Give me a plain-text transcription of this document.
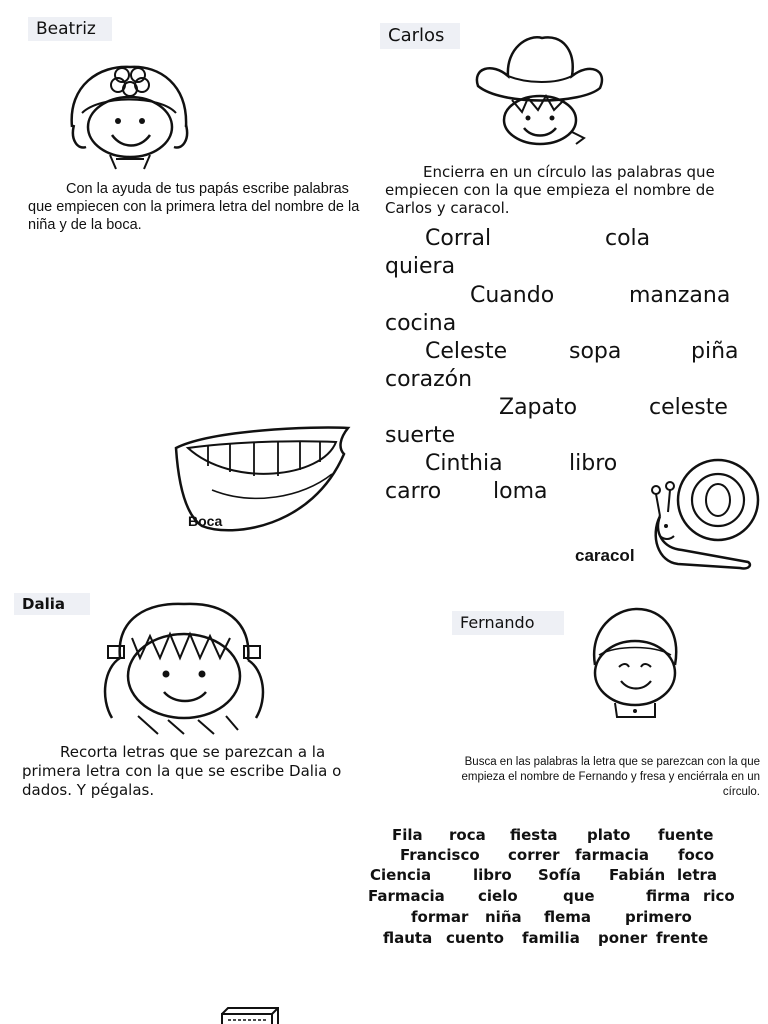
Beatriz
Con la ayuda de tus papás escribe palabras que empiecen con la primera letra del nombre de la niña y de la boca.
Boca
Carlos
Encierra en un círculo las palabras que empiecen con la que empieza el nombre de Carlos y caracol.
Corral	cola
quiera
Cuando	manzana
cocina
Celeste	sopa	piña
corazón
Zapato	celeste
suerte
Cinthia	libro
carro loma
caracol
Dalia
Recorta letras que se parezcan a la primera letra con la que se escribe Dalia o dados. Y pégalas.
Fernando
Busca en las palabras la letra que se parezcan con la que empieza el nombre de Fernando y fresa y enciérrala en un círculo.
Fila roca fiesta plato fuente
Francisco correr farmacia foco
Ciencia	libro Sofía Fabián letra
Farmacia cielo	que	firma rico
formar niña flema primero
flauta cuento familia poner frente
